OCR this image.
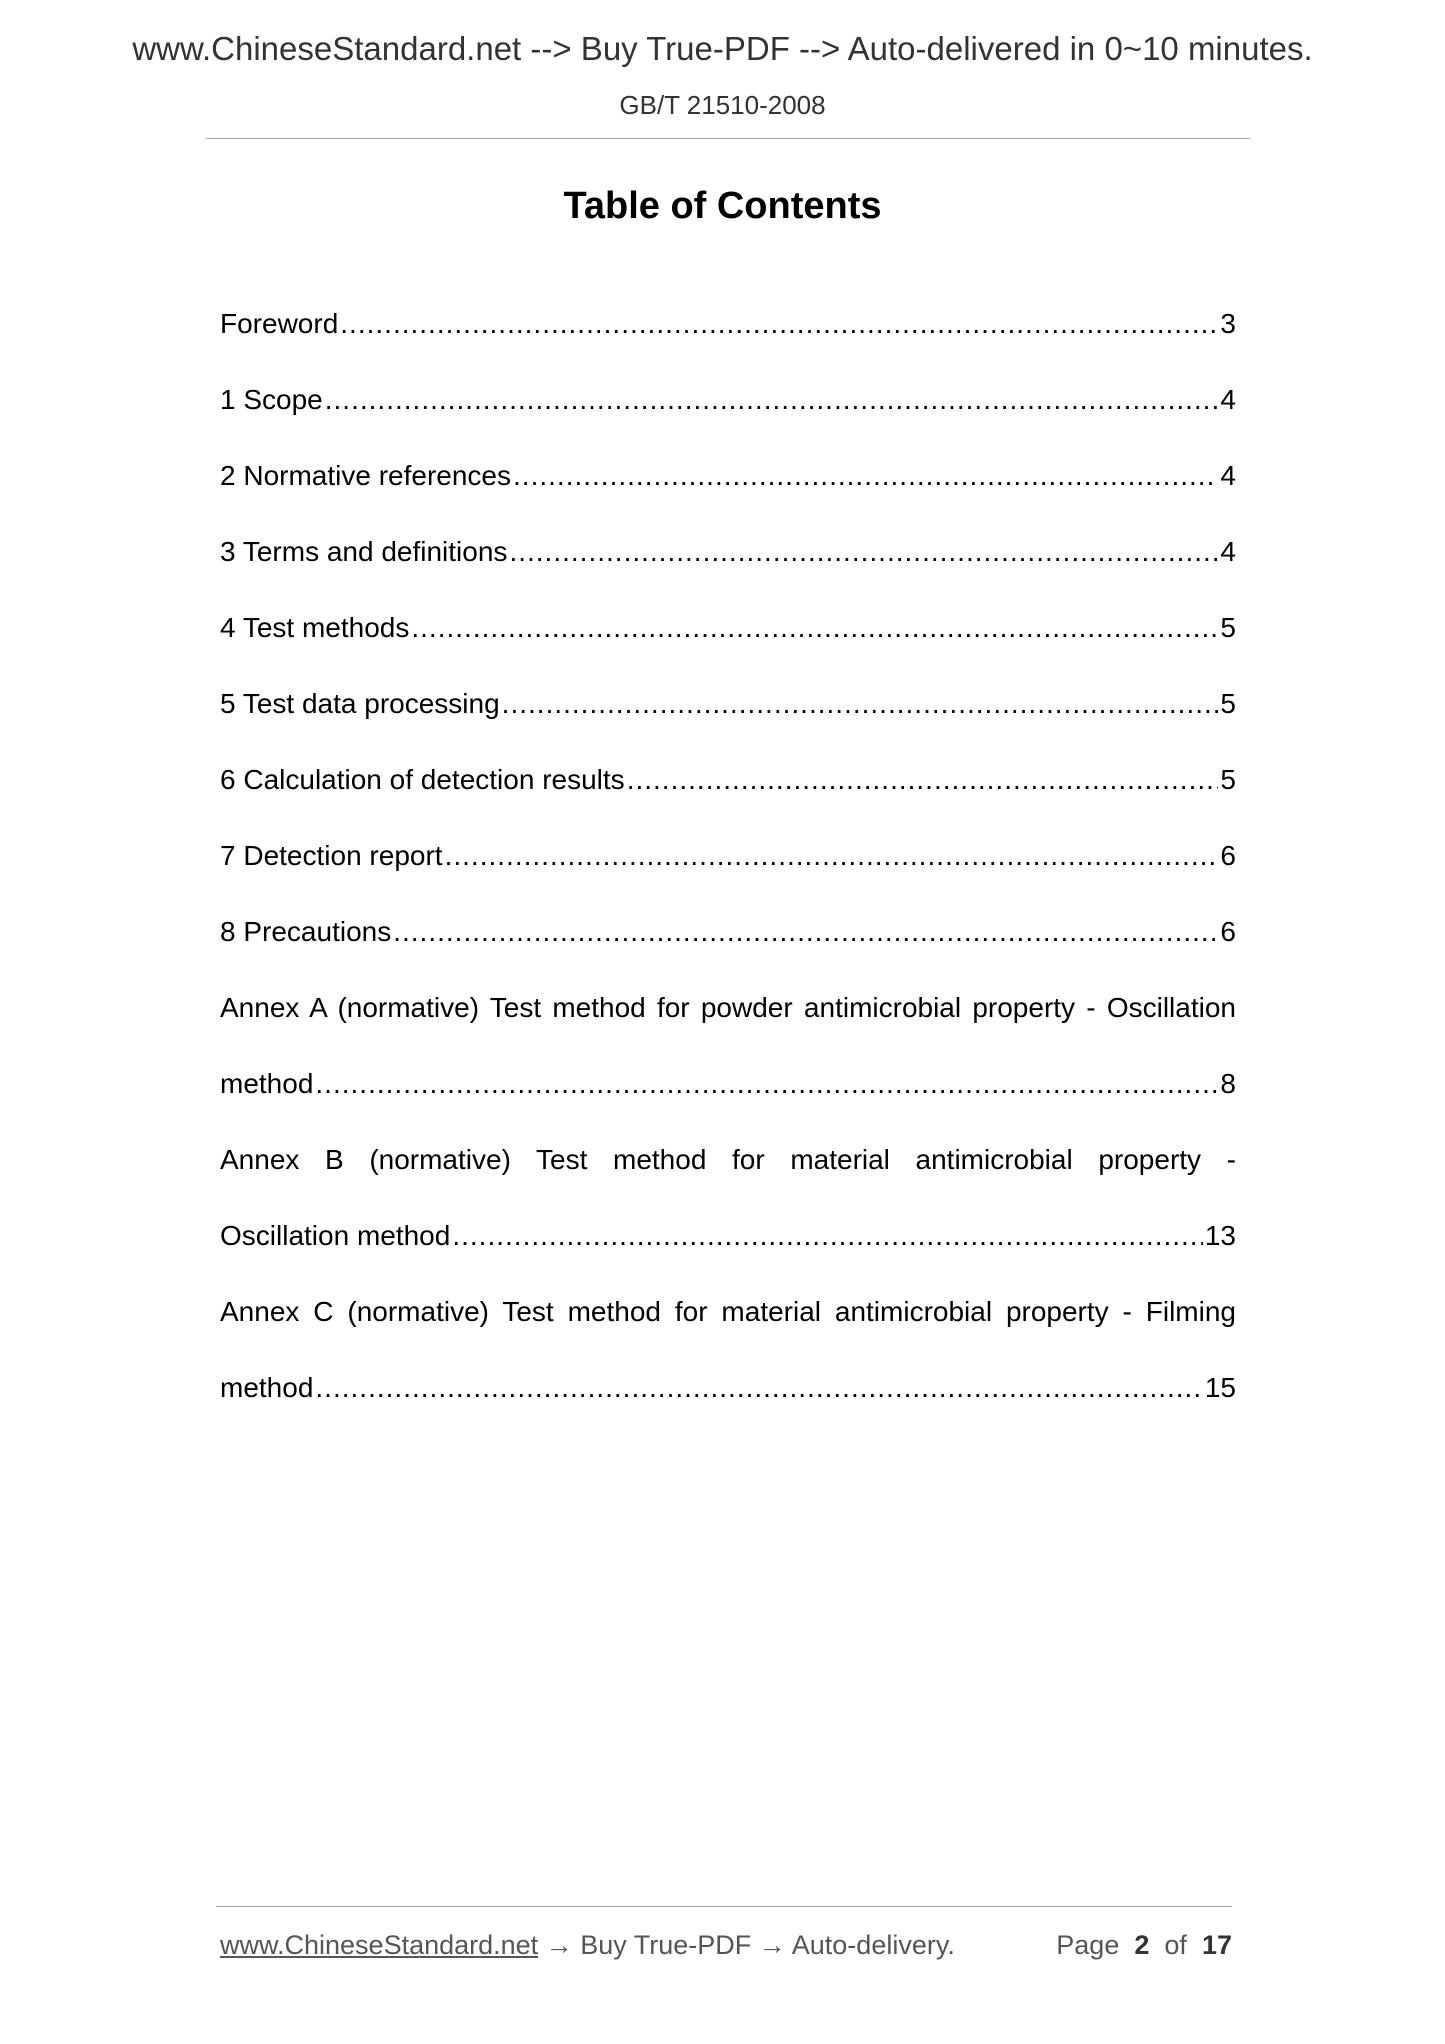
www.ChineseStandard.net --> Buy True-PDF --> Auto-delivered in 0~10 minutes.
GB/T 21510-2008
Table of Contents
Foreword .....	3
1 Scope .....	4
2 Normative references .....	4
3 Terms and definitions .....	4
4 Test methods .....	5
5 Test data processing .....	5
6 Calculation of detection results .....	5
7 Detection report .....	6
8 Precautions .....	6
Annex A (normative) Test method for powder antimicrobial property - Oscillation
method .....	8
Annex B (normative) Test method for material antimicrobial property -
Oscillation method .....	13
Annex C (normative) Test method for material antimicrobial property - Filming
method .....	15
www.ChineseStandard.net → Buy True-PDF → Auto-delivery.	Page 2 of 17
